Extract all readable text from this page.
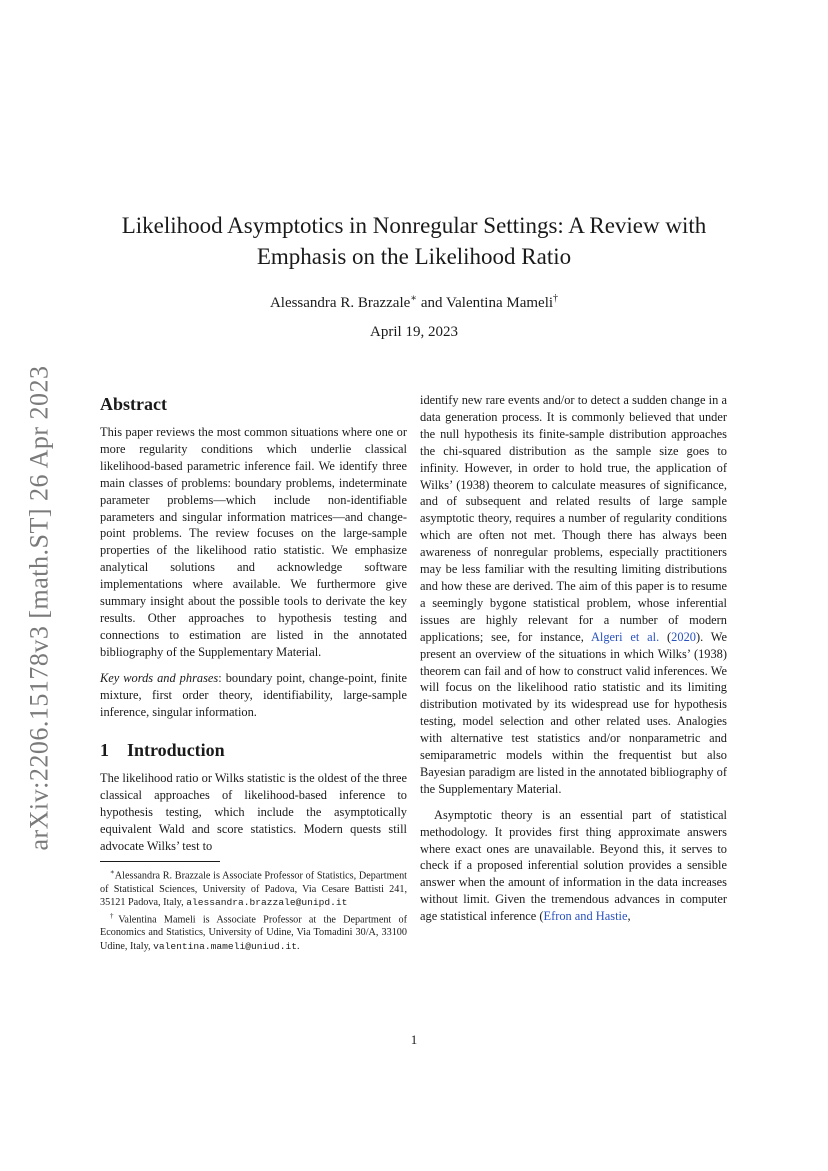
arXiv:2206.15178v3 [math.ST] 26 Apr 2023
Likelihood Asymptotics in Nonregular Settings: A Review with
Emphasis on the Likelihood Ratio
Alessandra R. Brazzale∗ and Valentina Mameli†
April 19, 2023
Abstract

This paper reviews the most common situations where one or more regularity conditions which underlie classical likelihood-based parametric inference fail. We identify three main classes of problems: boundary problems, indeterminate parameter problems—which include non-identifiable parameters and singular information matrices—and change-point problems. The review focuses on the large-sample properties of the likelihood ratio statistic. We emphasize analytical solutions and acknowledge software implementations where available. We furthermore give summary insight about the possible tools to derivate the key results. Other approaches to hypothesis testing and connections to estimation are listed in the annotated bibliography of the Supplementary Material.

Key words and phrases: boundary point, change-point, finite mixture, first order theory, identifiability, large-sample inference, singular information.

1 Introduction

The likelihood ratio or Wilks statistic is the oldest of the three classical approaches of likelihood-based inference to hypothesis testing, which include the asymptotically equivalent Wald and score statistics. Modern quests still advocate Wilks’ test to

∗Alessandra R. Brazzale is Associate Professor of Statistics, Department of Statistical Sciences, University of Padova, Via Cesare Battisti 241, 35121 Padova, Italy, alessandra.brazzale@unipd.it

†Valentina Mameli is Associate Professor at the Department of Economics and Statistics, University of Udine, Via Tomadini 30/A, 33100 Udine, Italy, valentina.mameli@uniud.it.

identify new rare events and/or to detect a sudden change in a data generation process. It is commonly believed that under the null hypothesis its finite-sample distribution approaches the chi-squared distribution as the sample size goes to infinity. However, in order to hold true, the application of Wilks’ (1938) theorem to calculate measures of significance, and of subsequent and related results of large sample asymptotic theory, requires a number of regularity conditions which are often not met. Though there has always been awareness of nonregular problems, especially practitioners may be less familiar with the resulting limiting distributions and how these are derived. The aim of this paper is to resume a seemingly bygone statistical problem, whose inferential issues are highly relevant for a number of modern applications; see, for instance, Algeri et al. (2020). We present an overview of the situations in which Wilks’ (1938) theorem can fail and of how to construct valid inferences. We will focus on the likelihood ratio statistic and its limiting distribution motivated by its widespread use for hypothesis testing, model selection and other related uses. Analogies with alternative test statistics and/or nonparametric and semiparametric models within the frequentist but also Bayesian paradigm are listed in the annotated bibliography of the Supplementary Material.

Asymptotic theory is an essential part of statistical methodology. It provides first thing approximate answers where exact ones are unavailable. Beyond this, it serves to check if a proposed inferential solution provides a sensible answer when the amount of information in the data increases without limit. Given the tremendous advances in computer age statistical inference (Efron and Hastie,

1
